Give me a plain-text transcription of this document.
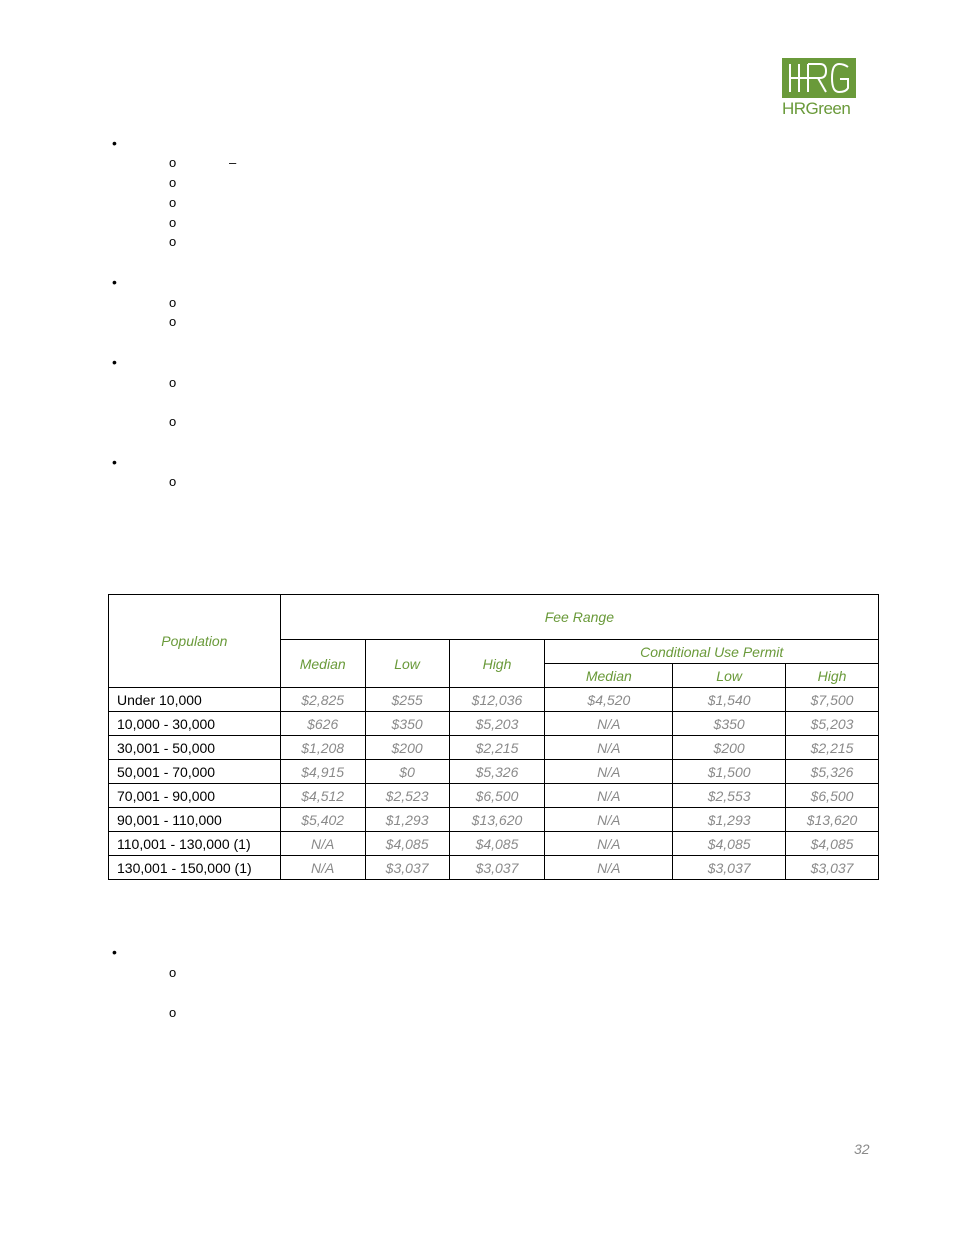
HRGreen
•
o	–
o
o
o
o
•
o
o
•
o
o
•
o
Population	Fee Range					
	Median	Low	High	Conditional Use Permit		
				Median	Low	High
Under 10,000	$2,825	$255	$12,036	$4,520	$1,540	$7,500
10,000 - 30,000	$626	$350	$5,203	N/A	$350	$5,203
30,001 - 50,000	$1,208	$200	$2,215	N/A	$200	$2,215
50,001 - 70,000	$4,915	$0	$5,326	N/A	$1,500	$5,326
70,001 - 90,000	$4,512	$2,523	$6,500	N/A	$2,553	$6,500
90,001 - 110,000	$5,402	$1,293	$13,620	N/A	$1,293	$13,620
110,001 - 130,000 (1)	N/A	$4,085	$4,085	N/A	$4,085	$4,085
130,001 - 150,000 (1)	N/A	$3,037	$3,037	N/A	$3,037	$3,037
•
o
o
32
